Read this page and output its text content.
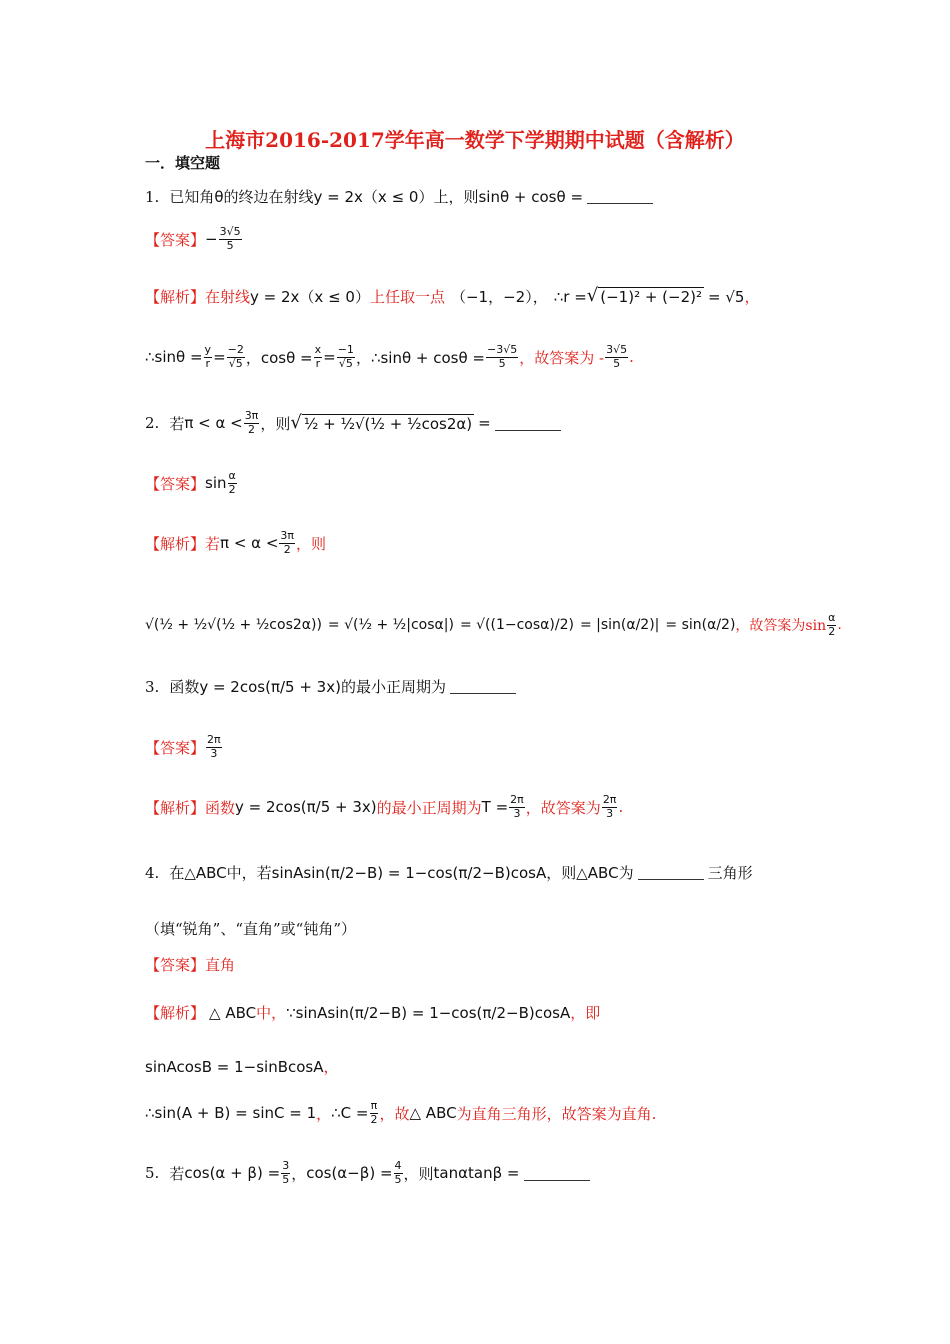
上海市2016-2017学年高一数学下学期期中试题（含解析）
一．填空题
1. 已知角 θ 的终边在射线 y = 2x（x ≤ 0） 上，则 sinθ + cosθ =
【答案】 − $\frac{3√5}{5}$
【解析】 在射线 y = 2x（x ≤ 0） 上任取一点 （−1，−2）， ∴r = √ (−1)² + (−2)² = √5 ，
∴sinθ = $\frac{y}{r} = \frac{-2}{√5}$ ，$\cos\theta = \frac{x}{r} = \frac{-1}{√5}$ ，∴sinθ + $\cos\theta = \frac{-3√5}{5}$ ，故答案为 - $\frac{3√5}{5}$ .
2. 若 $\pi < \alpha < \frac{3\pi}{2}$ ，则 √ ½ + ½√(½ + ½cos2α) =
【答案】 $\sin \frac{\alpha}{2}$
【解析】 若 $\pi < \alpha < \frac{3\pi}{2}$ ，则
√(½ + ½√(½ + ½cos2α)) = √(½ + ½|cosα|) = √((1−cosα)/2) = |sin(α/2)| = sin(α/2) ，故答案为$\sin \frac{\alpha}{2}$ .
3. 函数 y = 2cos(π/5 + 3x) 的最小正周期为
【答案】 $\frac{2\pi}{3}$
【解析】 函数 y = 2cos(π/5 + 3x) 的最小正周期为 $T = \frac{2\pi}{3}$ ，故答案为 $\frac{2\pi}{3}$ .
4. 在 △ABC 中，若 sinAsin(π/2−B) = 1−cos(π/2−B)cosA ，则 △ABC 为	三角形
（填“锐角”、“直角”或“钝角”）
【答案】 直角
【解析】 △ ABC 中， ∵sinAsin(π/2−B) = 1−cos(π/2−B)cosA ，即
sinAcosB = 1−sinBcosA ，
∴sin(A + B) = sinC = 1 ， ∴C = $\frac{\pi}{2}$ ，故 △ ABC 为直角三角形，故答案为直角.
5. 若 $\cos(\alpha + \beta) = \frac{3}{5}$ ， $\cos(\alpha-\beta) = \frac{4}{5}$ ，则 tanαtanβ =
